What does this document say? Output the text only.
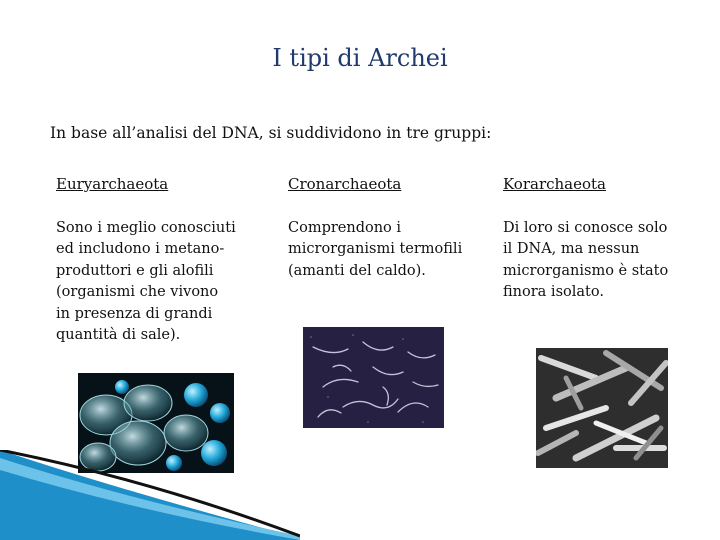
I tipi di Archei
In base all’analisi del DNA, si suddividono in tre gruppi:
Euryarchaeota
Sono i meglio conosciuti
ed includono i metano-
produttori e gli alofili
(organismi che vivono
in presenza di grandi
quantità di sale).
Cronarchaeota
Comprendono i
microrganismi termofili
(amanti del caldo).
Korarchaeota
Di loro si conosce solo
il DNA, ma nessun
microrganismo è stato
finora isolato.
